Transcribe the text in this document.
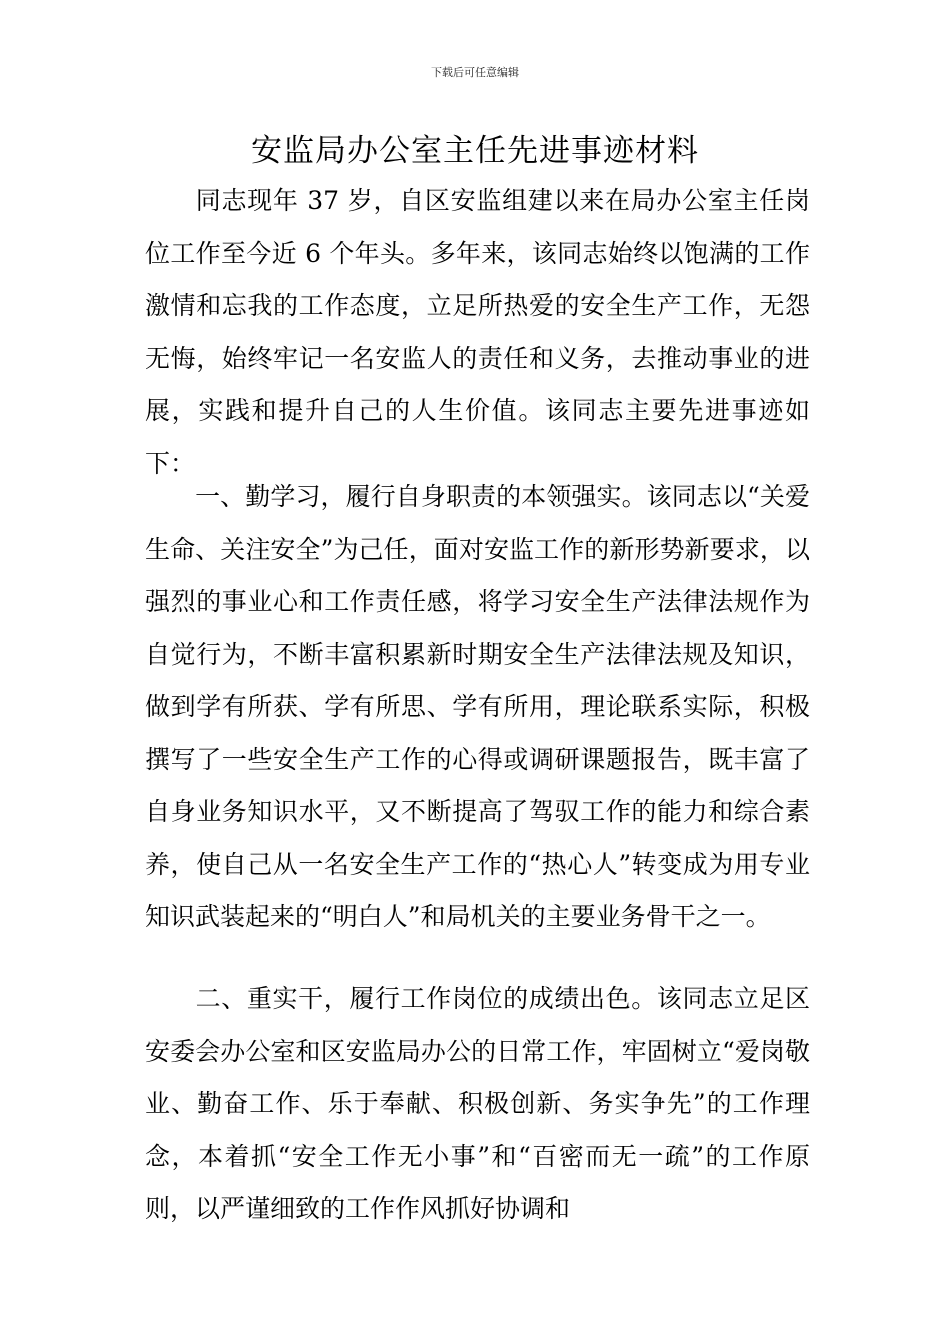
下载后可任意编辑
安监局办公室主任先进事迹材料

同志现年 37 岁，自区安监组建以来在局办公室主任岗位工作至今近 6 个年头。多年来，该同志始终以饱满的工作激情和忘我的工作态度，立足所热爱的安全生产工作，无怨无悔，始终牢记一名安监人的责任和义务，去推动事业的进展，实践和提升自己的人生价值。该同志主要先进事迹如下：

一、勤学习，履行自身职责的本领强实。该同志以“关爱生命、关注安全”为己任，面对安监工作的新形势新要求，以强烈的事业心和工作责任感，将学习安全生产法律法规作为自觉行为，不断丰富积累新时期安全生产法律法规及知识，做到学有所获、学有所思、学有所用，理论联系实际，积极撰写了一些安全生产工作的心得或调研课题报告，既丰富了自身业务知识水平，又不断提高了驾驭工作的能力和综合素养，使自己从一名安全生产工作的“热心人”转变成为用专业知识武装起来的“明白人”和局机关的主要业务骨干之一。

二、重实干，履行工作岗位的成绩出色。该同志立足区安委会办公室和区安监局办公的日常工作，牢固树立“爱岗敬业、勤奋工作、乐于奉献、积极创新、务实争先”的工作理念，本着抓“安全工作无小事”和“百密而无一疏”的工作原则，以严谨细致的工作作风抓好协调和
